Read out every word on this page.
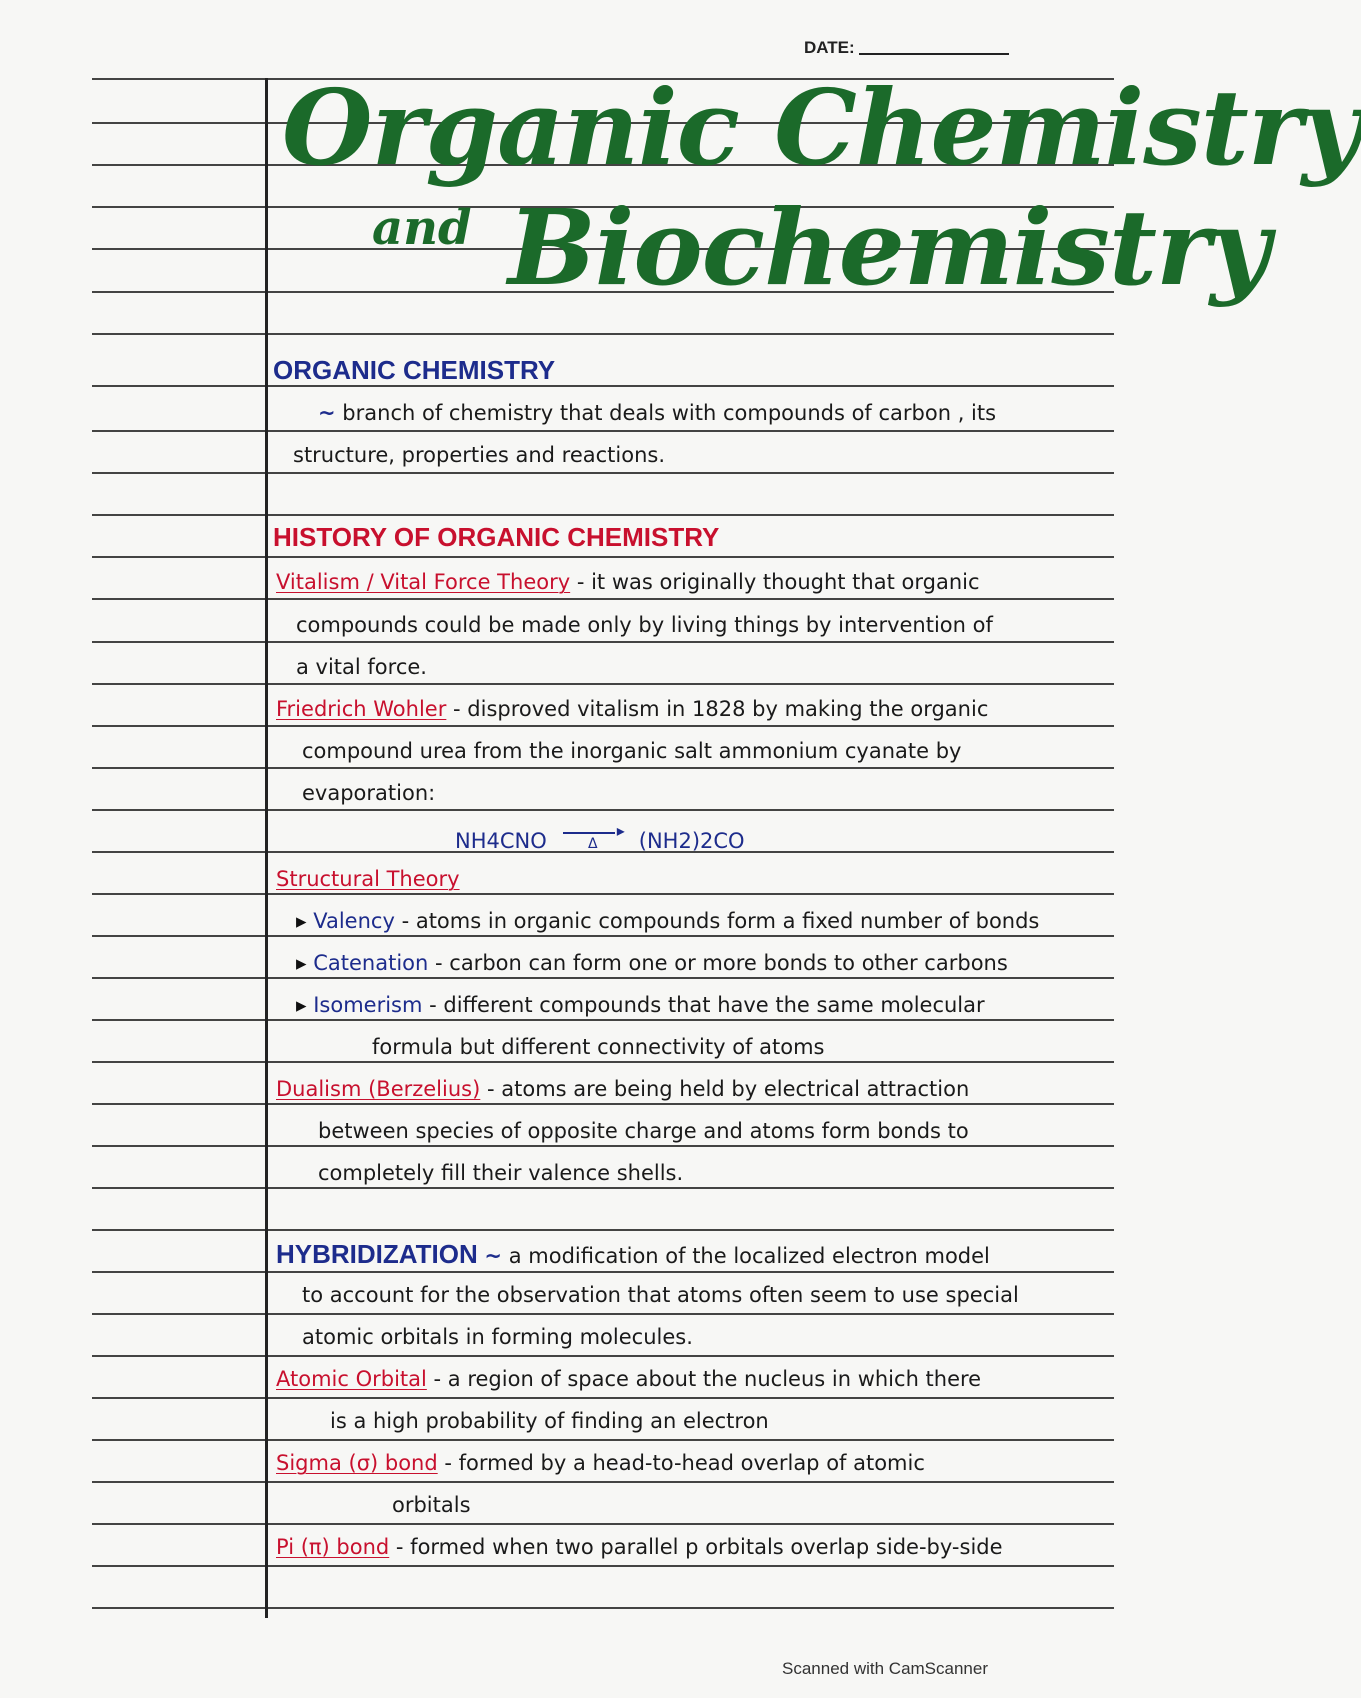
DATE:
Organic Chemistry
and Biochemistry
ORGANIC CHEMISTRY
~ branch of chemistry that deals with compounds of carbon , its
structure, properties and reactions.
HISTORY OF ORGANIC CHEMISTRY
Vitalism / Vital Force Theory - it was originally thought that organic
compounds could be made only by living things by intervention of
a vital force.
Friedrich Wohler - disproved vitalism in 1828 by making the organic
compound urea from the inorganic salt ammonium cyanate by
evaporation:
NH4CNO	Δ ▸ (NH2)2CO
Structural Theory
▸ Valency - atoms in organic compounds form a fixed number of bonds
▸ Catenation - carbon can form one or more bonds to other carbons
▸ Isomerism - different compounds that have the same molecular
formula but different connectivity of atoms
Dualism (Berzelius) - atoms are being held by electrical attraction
between species of opposite charge and atoms form bonds to
completely fill their valence shells.
HYBRIDIZATION ~ a modification of the localized electron model
to account for the observation that atoms often seem to use special
atomic orbitals in forming molecules.
Atomic Orbital - a region of space about the nucleus in which there
is a high probability of finding an electron
Sigma (σ) bond - formed by a head-to-head overlap of atomic
orbitals
Pi (π) bond - formed when two parallel p orbitals overlap side-by-side
Scanned with CamScanner
